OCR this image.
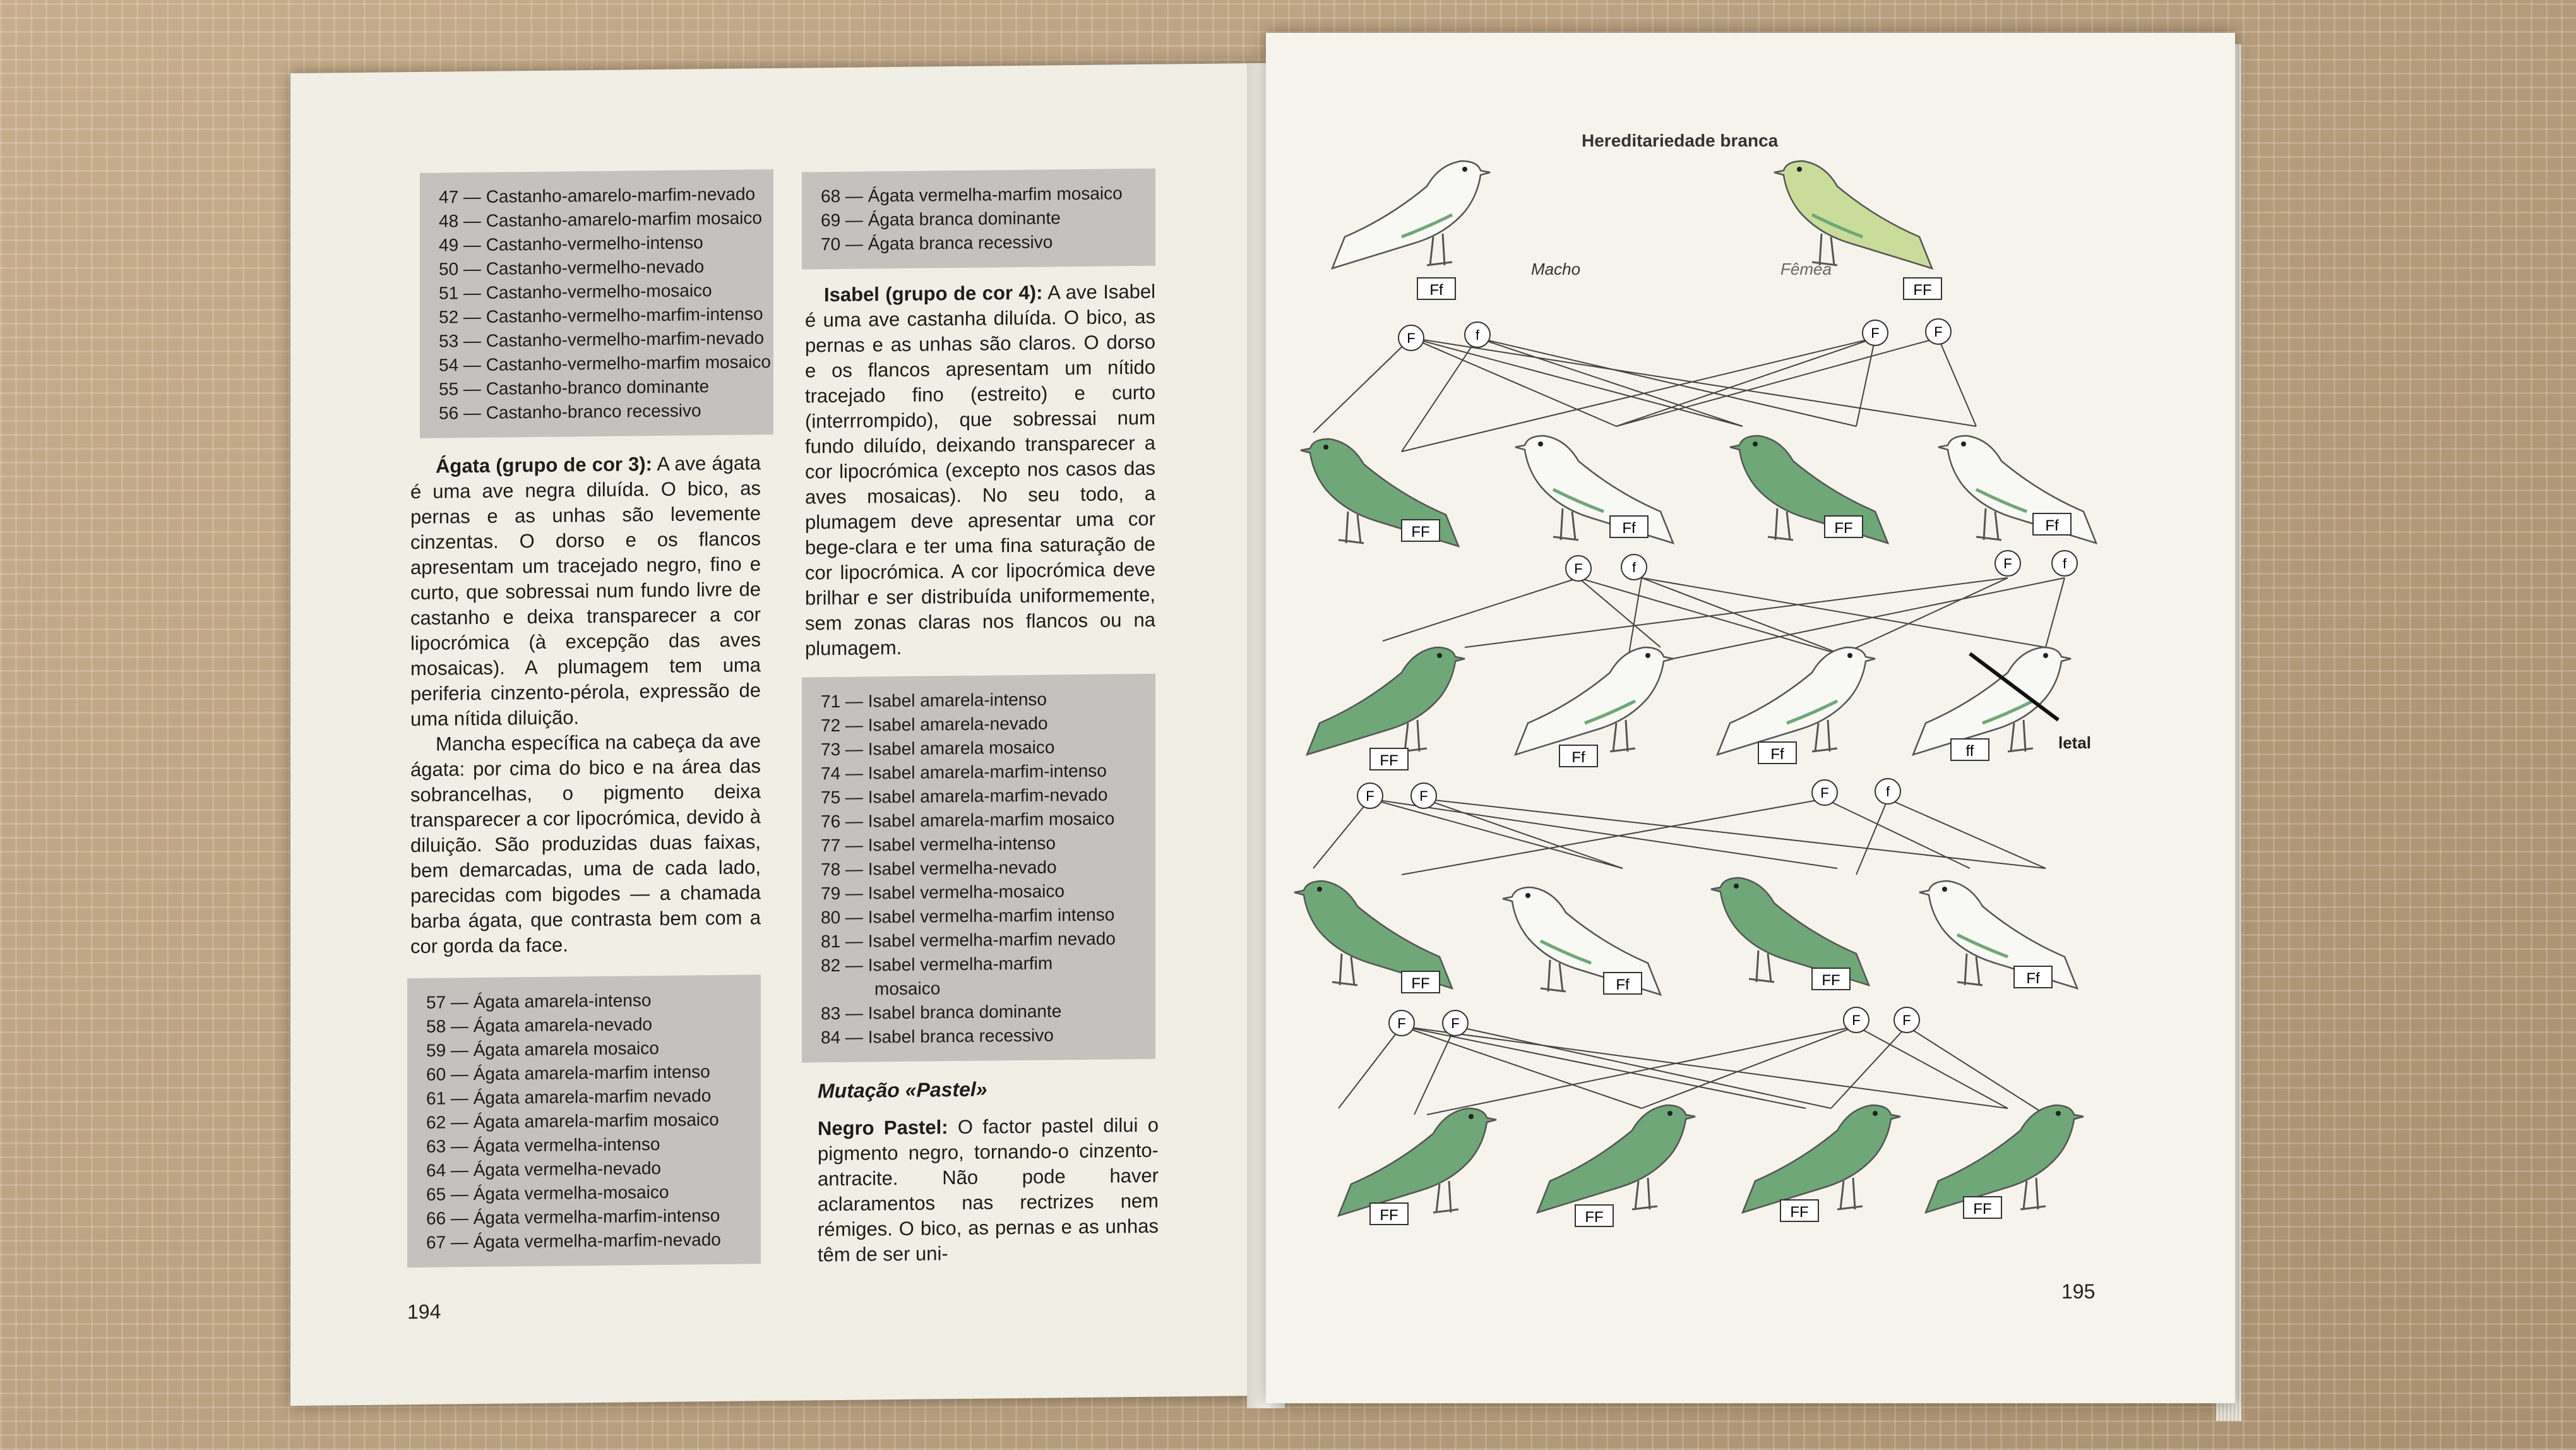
47 — Castanho-amarelo-marfim-nevado
48 — Castanho-amarelo-marfim mosaico
49 — Castanho-vermelho-intenso
50 — Castanho-vermelho-nevado
51 — Castanho-vermelho-mosaico
52 — Castanho-vermelho-marfim-intenso
53 — Castanho-vermelho-marfim-nevado
54 — Castanho-vermelho-marfim mosaico
55 — Castanho-branco dominante
56 — Castanho-branco recessivo

Ágata (grupo de cor 3): A ave ágata é uma ave negra diluída. O bico, as pernas e as unhas são levemente cinzentas. O dorso e os flancos apresentam um tracejado negro, fino e curto, que sobressai num fundo livre de castanho e deixa transparecer a cor lipocrómica (à excepção das aves mosaicas). A plumagem tem uma periferia cinzento-pérola, expressão de uma nítida diluição.

Mancha específica na cabeça da ave ágata: por cima do bico e na área das sobrancelhas, o pigmento deixa transparecer a cor lipocrómica, devido à diluição. São produzidas duas faixas, bem demarcadas, uma de cada lado, parecidas com bigodes — a chamada barba ágata, que contrasta bem com a cor gorda da face.

57 — Ágata amarela-intenso
58 — Ágata amarela-nevado
59 — Ágata amarela mosaico
60 — Ágata amarela-marfim intenso
61 — Ágata amarela-marfim nevado
62 — Ágata amarela-marfim mosaico
63 — Ágata vermelha-intenso
64 — Ágata vermelha-nevado
65 — Ágata vermelha-mosaico
66 — Ágata vermelha-marfim-intenso
67 — Ágata vermelha-marfim-nevado
68 — Ágata vermelha-marfim mosaico
69 — Ágata branca dominante
70 — Ágata branca recessivo

Isabel (grupo de cor 4): A ave Isabel é uma ave castanha diluída. O bico, as pernas e as unhas são claros. O dorso e os flancos apresentam um nítido tracejado fino (estreito) e curto (interrrompido), que sobressai num fundo diluído, deixando transparecer a cor lipocrómica (excepto nos casos das aves mosaicas). No seu todo, a plumagem deve apresentar uma cor bege-clara e ter uma fina saturação de cor lipocrómica. A cor lipocrómica deve brilhar e ser distribuída uniformemente, sem zonas claras nos flancos ou na plumagem.

71 — Isabel amarela-intenso
72 — Isabel amarela-nevado
73 — Isabel amarela mosaico
74 — Isabel amarela-marfim-intenso
75 — Isabel amarela-marfim-nevado
76 — Isabel amarela-marfim mosaico
77 — Isabel vermelha-intenso
78 — Isabel vermelha-nevado
79 — Isabel vermelha-mosaico
80 — Isabel vermelha-marfim intenso
81 — Isabel vermelha-marfim nevado
82 — Isabel vermelha-marfim
mosaico
83 — Isabel branca dominante
84 — Isabel branca recessivo

Mutação «Pastel»

Negro Pastel: O factor pastel dilui o pigmento negro, tornando-o cinzento-antracite. Não pode haver aclaramentos nas rectrizes nem rémiges. O bico, as pernas e as unhas têm de ser uni-

194
Hereditariedade branca
195
Macho	Fêmea
Ff	FF
F	f	F	F
FF	Ff	FF	Ff
F	f	F	f
letal
FF	Ff	Ff	ff
F	F	F	f
FF	Ff	FF	Ff
F	F	F	F
FF	FF	FF	FF
